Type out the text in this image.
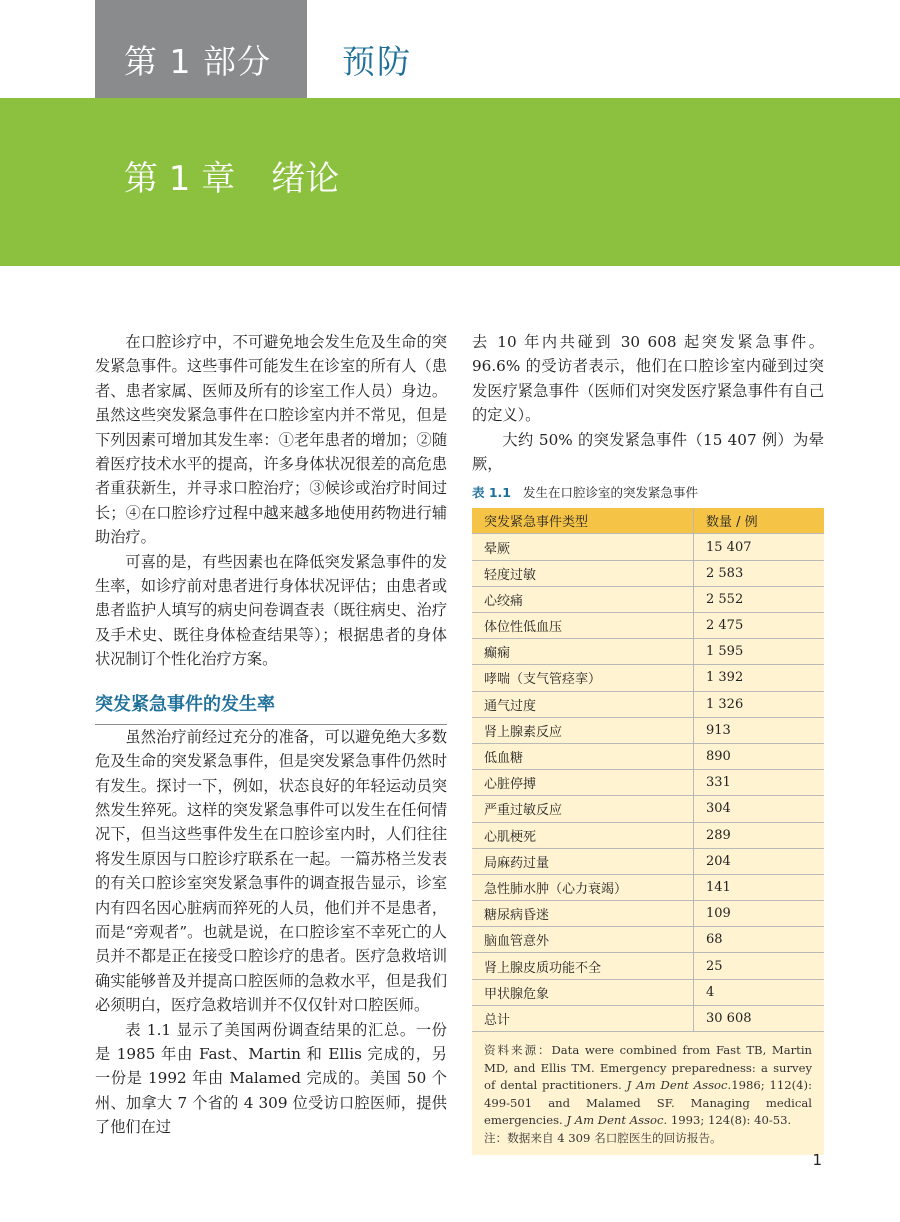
第 1 部分 预防
第 1 章 绪论

在口腔诊疗中，不可避免地会发生危及生命的突发紧急事件。这些事件可能发生在诊室的所有人（患者、患者家属、医师及所有的诊室工作人员）身边。虽然这些突发紧急事件在口腔诊室内并不常见，但是下列因素可增加其发生率：①老年患者的增加；②随着医疗技术水平的提高，许多身体状况很差的高危患者重获新生，并寻求口腔治疗；③候诊或治疗时间过长；④在口腔诊疗过程中越来越多地使用药物进行辅助治疗。

可喜的是，有些因素也在降低突发紧急事件的发生率，如诊疗前对患者进行身体状况评估；由患者或患者监护人填写的病史问卷调查表（既往病史、治疗及手术史、既往身体检查结果等）；根据患者的身体状况制订个性化治疗方案。

突发紧急事件的发生率

虽然治疗前经过充分的准备，可以避免绝大多数危及生命的突发紧急事件，但是突发紧急事件仍然时有发生。探讨一下，例如，状态良好的年轻运动员突然发生猝死。这样的突发紧急事件可以发生在任何情况下，但当这些事件发生在口腔诊室内时，人们往往将发生原因与口腔诊疗联系在一起。一篇苏格兰发表的有关口腔诊室突发紧急事件的调查报告显示，诊室内有四名因心脏病而猝死的人员，他们并不是患者，而是“旁观者”。也就是说，在口腔诊室不幸死亡的人员并不都是正在接受口腔诊疗的患者。医疗急救培训确实能够普及并提高口腔医师的急救水平，但是我们必须明白，医疗急救培训并不仅仅针对口腔医师。

表 1.1 显示了美国两份调查结果的汇总。一份是 1985 年由 Fast、Martin 和 Ellis 完成的，另一份是 1992 年由 Malamed 完成的。美国 50 个州、加拿大 7 个省的 4 309 位受访口腔医师，提供了他们在过

去 10 年内共碰到 30 608 起突发紧急事件。96.6% 的受访者表示，他们在口腔诊室内碰到过突发医疗紧急事件（医师们对突发医疗紧急事件有自己的定义）。

大约 50% 的突发紧急事件（15 407 例）为晕厥，

表 1.1 发生在口腔诊室的突发紧急事件
突发紧急事件类型	数量 / 例
晕厥	15 407
轻度过敏	2 583
心绞痛	2 552
体位性低血压	2 475
癫痫	1 595
哮喘（支气管痉挛）	1 392
通气过度	1 326
肾上腺素反应	913
低血糖	890
心脏停搏	331
严重过敏反应	304
心肌梗死	289
局麻药过量	204
急性肺水肿（心力衰竭）	141
糖尿病昏迷	109
脑血管意外	68
肾上腺皮质功能不全	25
甲状腺危象	4
总计	30 608
资料来源：Data were combined from Fast TB, Martin MD, and Ellis TM. Emergency preparedness: a survey of dental practitioners. J Am Dent Assoc.1986; 112(4): 499-501 and Malamed SF. Managing medical emergencies. J Am Dent Assoc. 1993; 124(8): 40-53.
注：数据来自 4 309 名口腔医生的回访报告。
1
